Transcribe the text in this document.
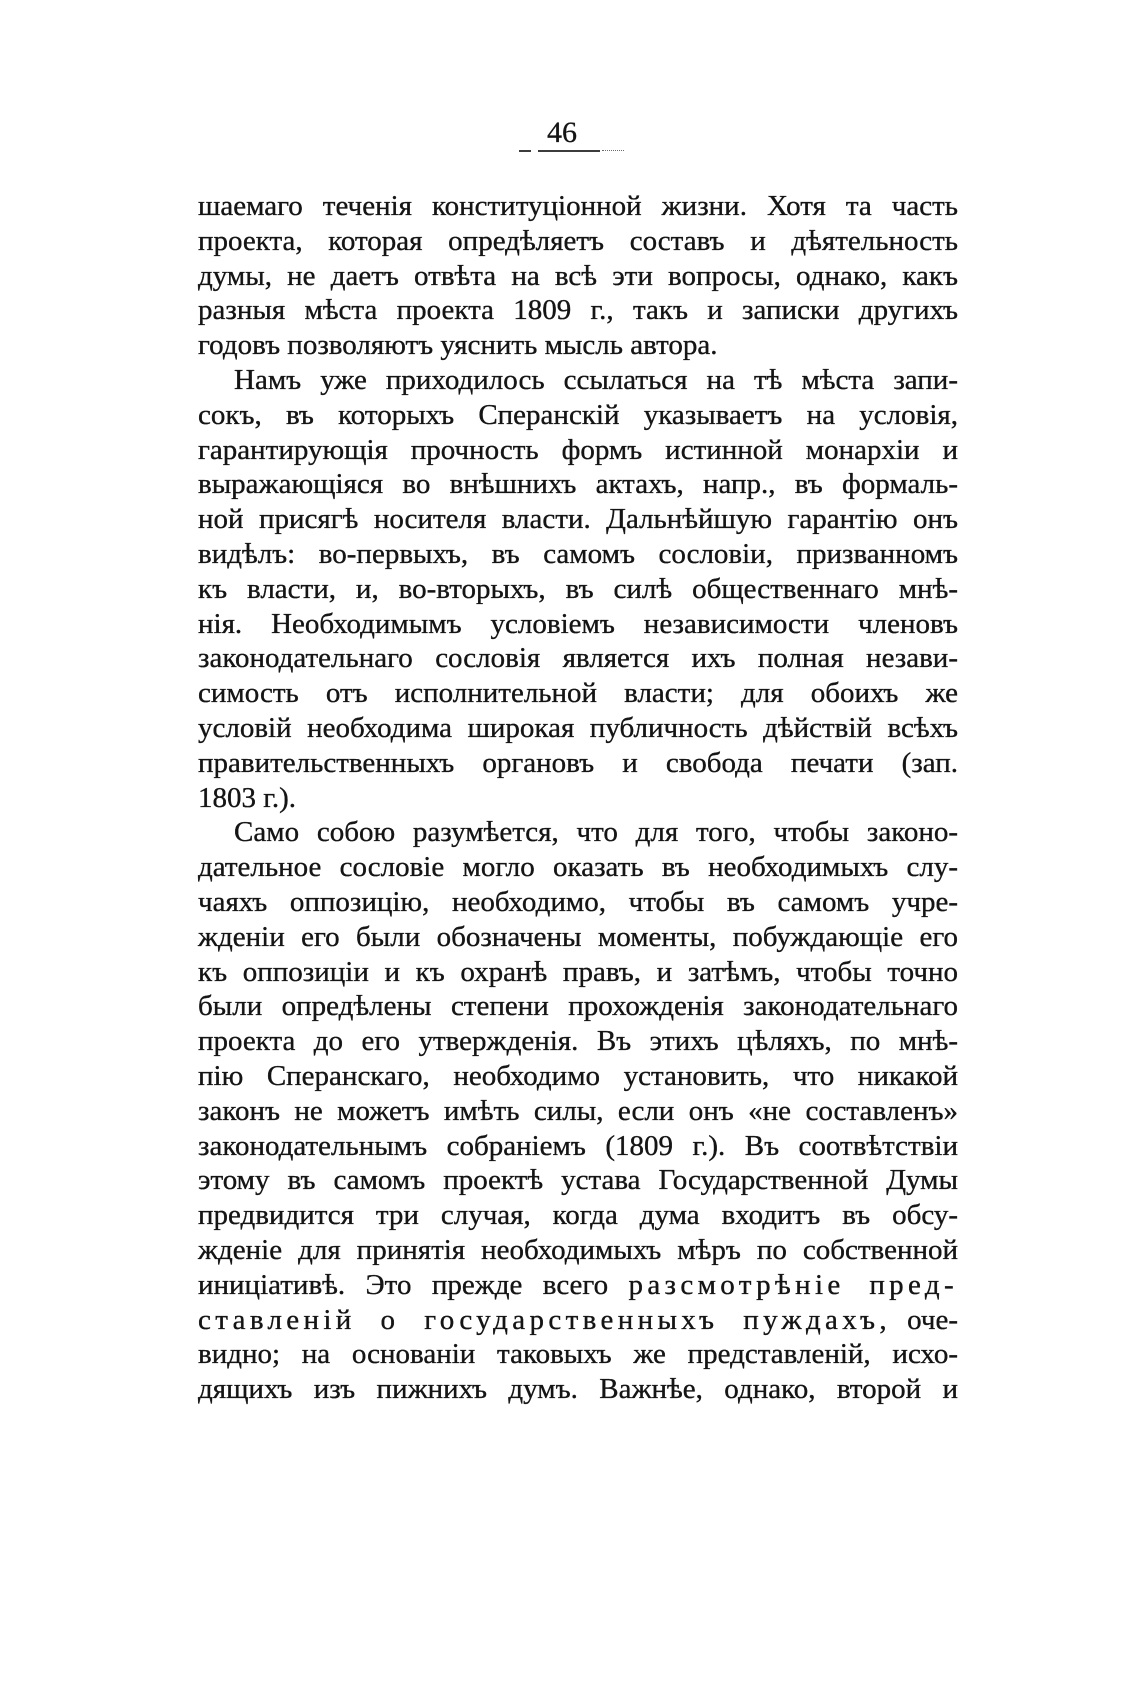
46
шаемаго теченія конституціонной жизни. Хотя та часть
проекта, которая опредѣляетъ составъ и дѣятельность
думы, не даетъ отвѣта на всѣ эти вопросы, однако, какъ
разныя мѣста проекта 1809 г., такъ и записки другихъ
годовъ позволяютъ уяснить мысль автора.
Намъ уже приходилось ссылаться на тѣ мѣста запи-
сокъ, въ которыхъ Сперанскій указываетъ на условія,
гарантирующія прочность формъ истинной монархіи и
выражающіяся во внѣшнихъ актахъ, напр., въ формаль-
ной присягѣ носителя власти. Дальнѣйшую гарантію онъ
видѣлъ: во-первыхъ, въ самомъ сословіи, призванномъ
къ власти, и, во-вторыхъ, въ силѣ общественнаго мнѣ-
нія. Необходимымъ условіемъ независимости членовъ
законодательнаго сословія является ихъ полная незави-
симость отъ исполнительной власти; для обоихъ же
условій необходима широкая публичность дѣйствій всѣхъ
правительственныхъ органовъ и свобода печати (зап.
1803 г.).
Само собою разумѣется, что для того, чтобы законо-
дательное сословіе могло оказать въ необходимыхъ слу-
чаяхъ оппозицію, необходимо, чтобы въ самомъ учре-
жденіи его были обозначены моменты, побуждающіе его
къ оппозиціи и къ охранѣ правъ, и затѣмъ, чтобы точно
были опредѣлены степени прохожденія законодательнаго
проекта до его утвержденія. Въ этихъ цѣляхъ, по мнѣ-
пію Сперанскаго, необходимо установить, что никакой
законъ не можетъ имѣть силы, если онъ «не составленъ»
законодательнымъ собраніемъ (1809 г.). Въ соотвѣтствіи
этому въ самомъ проектѣ устава Государственной Думы
предвидится три случая, когда дума входитъ въ обсу-
жденіе для принятія необходимыхъ мѣръ по собственной
иниціативѣ. Это прежде всего разсмотрѣніе пред-
ставленій о государственныхъ пуждахъ, оче-
видно; на основаніи таковыхъ же представленій, исхо-
дящихъ изъ пижнихъ думъ. Важнѣе, однако, второй и
